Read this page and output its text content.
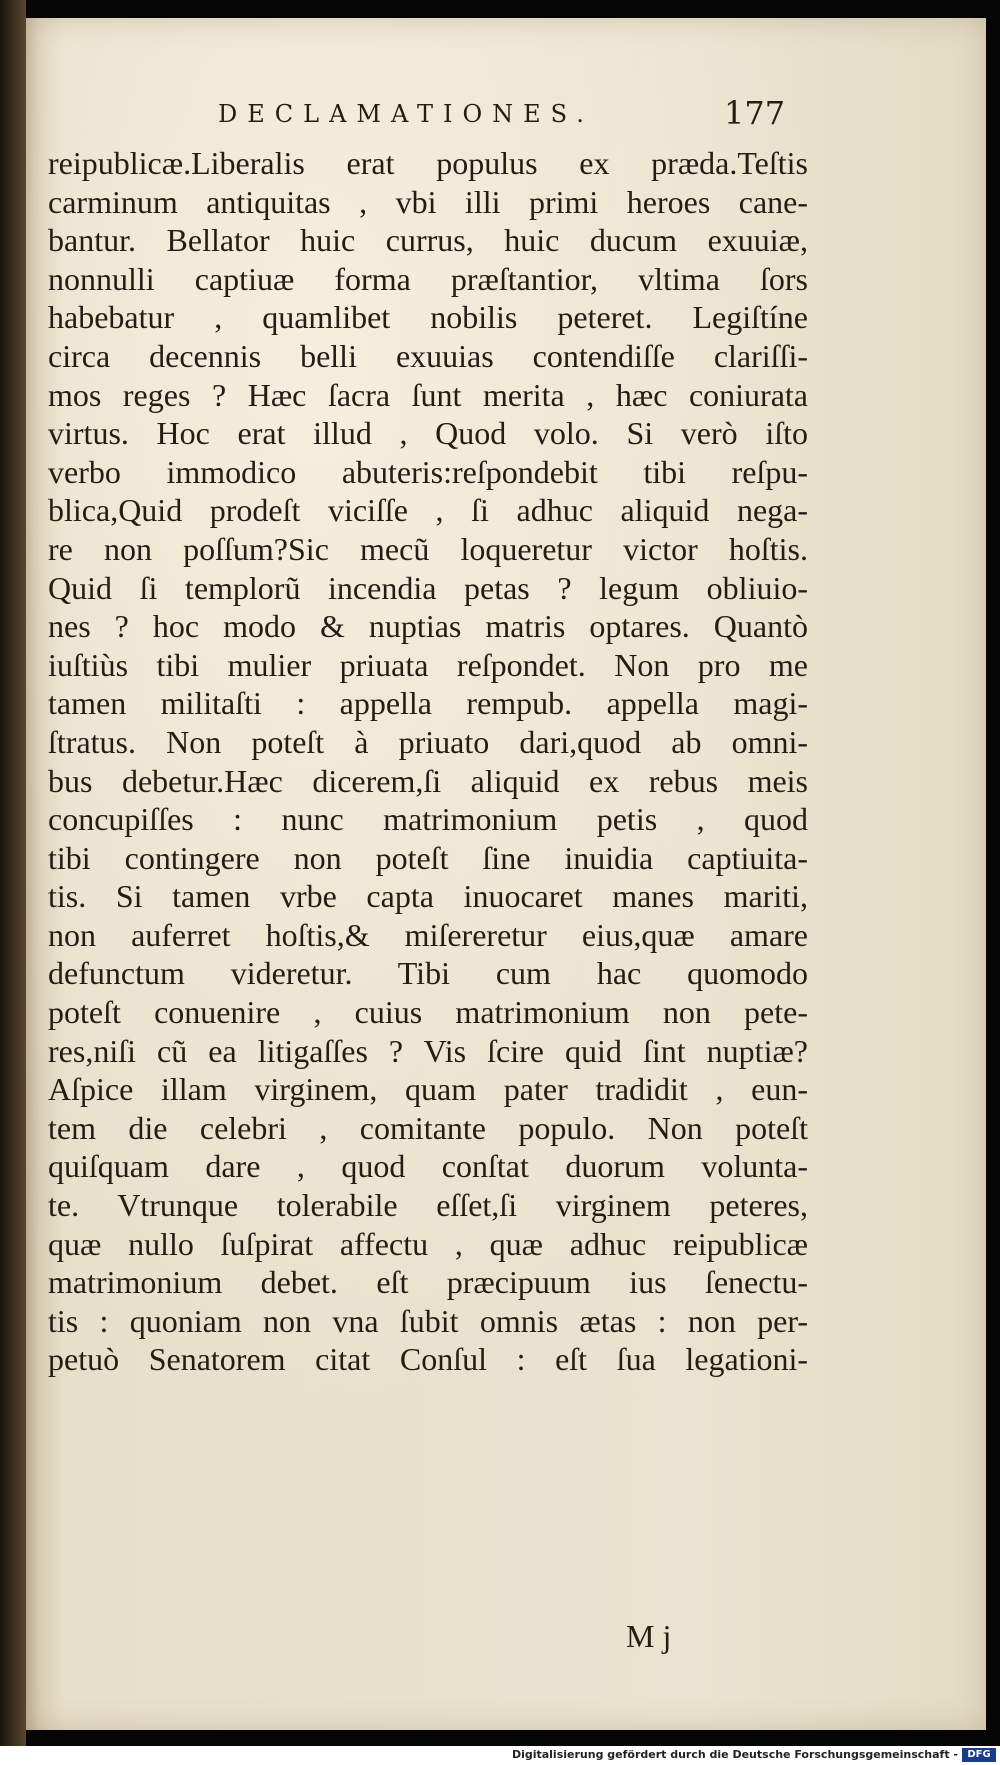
DECLAMATIONES.	177
reipublicæ.Liberalis erat populus ex præda.Teſtis
carminum antiquitas , vbi illi primi heroes cane-
bantur. Bellator huic currus, huic ducum exuuiæ,
nonnulli captiuæ forma præſtantior, vltima ſors
habebatur , quamlibet nobilis peteret. Legiſtíne
circa decennis belli exuuias contendiſſe clariſſi-
mos reges ? Hæc ſacra ſunt merita , hæc coniurata
virtus. Hoc erat illud , Quod volo. Si verò iſto
verbo immodico abuteris:reſpondebit tibi reſpu-
blica,Quid prodeſt viciſſe , ſi adhuc aliquid nega-
re non poſſum?Sic mecũ loqueretur victor hoſtis.
Quid ſi templorũ incendia petas ? legum obliuio-
nes ? hoc modo & nuptias matris optares. Quantò
iuſtiùs tibi mulier priuata reſpondet. Non pro me
tamen militaſti : appella rempub. appella magi-
ſtratus. Non poteſt à priuato dari,quod ab omni-
bus debetur.Hæc dicerem,ſi aliquid ex rebus meis
concupiſſes : nunc matrimonium petis , quod
tibi contingere non poteſt ſine inuidia captiuita-
tis. Si tamen vrbe capta inuocaret manes mariti,
non auferret hoſtis,& miſereretur eius,quæ amare
defunctum videretur. Tibi cum hac quomodo
poteſt conuenire , cuius matrimonium non pete-
res,niſi cũ ea litigaſſes ? Vis ſcire quid ſint nuptiæ?
Aſpice illam virginem, quam pater tradidit , eun-
tem die celebri , comitante populo. Non poteſt
quiſquam dare , quod conſtat duorum volunta-
te. Vtrunque tolerabile eſſet,ſi virginem peteres,
quæ nullo ſuſpirat affectu , quæ adhuc reipublicæ
matrimonium debet. eſt præcipuum ius ſenectu-
tis : quoniam non vna ſubit omnis ætas : non per-
petuò Senatorem citat Conſul : eſt ſua legationi-
M j
Digitalisierung gefördert durch die Deutsche Forschungsgemeinschaft - DFG
